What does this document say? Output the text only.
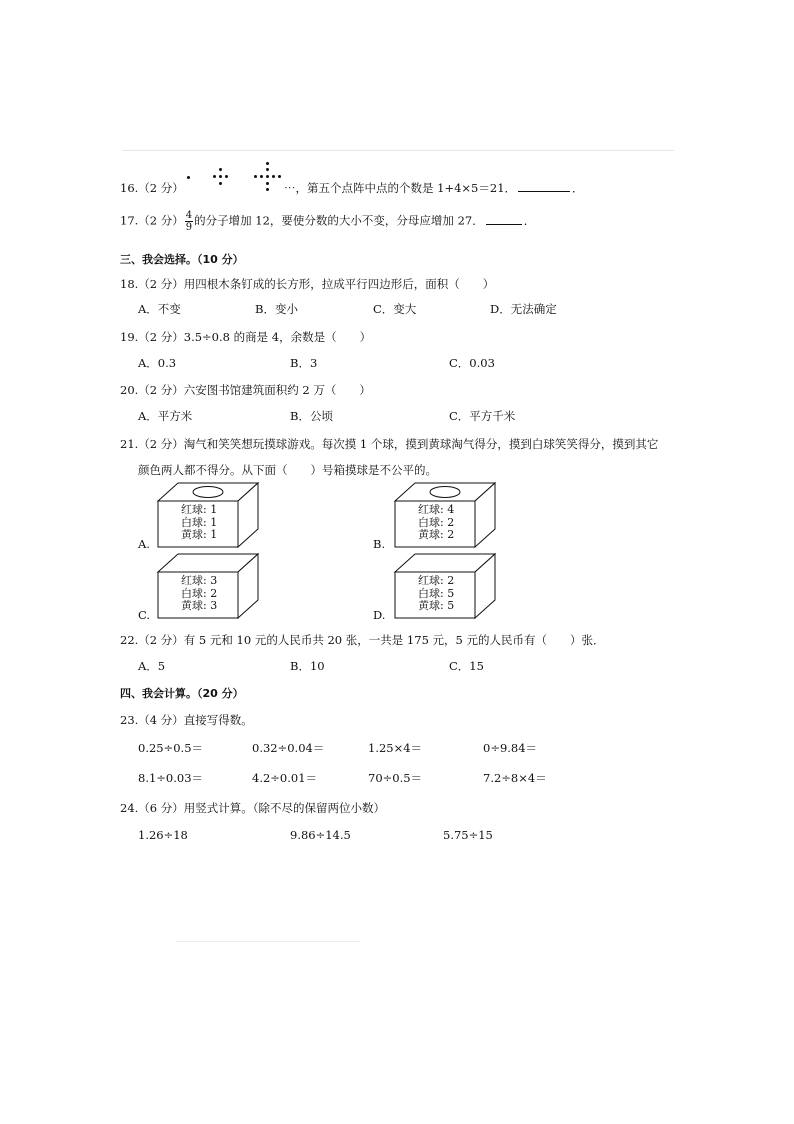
16.（2 分）	⋯，第五个点阵中点的个数是 1+4×5＝21．	．
17.（2 分） $\frac{4}{9}$ 的分子增加 12，要使分数的大小不变，分母应增加 27．	．
三、我会选择。（10 分）
18.（2 分）用四根木条钉成的长方形，拉成平行四边形后，面积（　　）
A．不变	B．变小	C．变大	D．无法确定
19.（2 分）3.5÷0.8 的商是 4，余数是（　　）
A．0.3	B．3	C．0.03
20.（2 分）六安图书馆建筑面积约 2 万（　　）
A．平方米	B．公顷	C．平方千米
21.（2 分）淘气和笑笑想玩摸球游戏。每次摸 1 个球，摸到黄球淘气得分，摸到白球笑笑得分，摸到其它
颜色两人都不得分。从下面（　　）号箱摸球是不公平的。
A.
红球: 1
白球: 1
黄球: 1
B.
红球: 4
白球: 2
黄球: 2
C.
红球: 3
白球: 2
黄球: 3
D.
红球: 2
白球: 5
黄球: 5
22.（2 分）有 5 元和 10 元的人民币共 20 张，一共是 175 元，5 元的人民币有（　　）张．
A．5	B．10	C．15
四、我会计算。（20 分）
23.（4 分）直接写得数。
0.25÷0.5＝	0.32÷0.04＝	1.25×4＝	0÷9.84＝
8.1÷0.03＝	4.2÷0.01＝	70÷0.5＝	7.2÷8×4＝
24.（6 分）用竖式计算。（除不尽的保留两位小数）
1.26÷18	9.86÷14.5	5.75÷15
